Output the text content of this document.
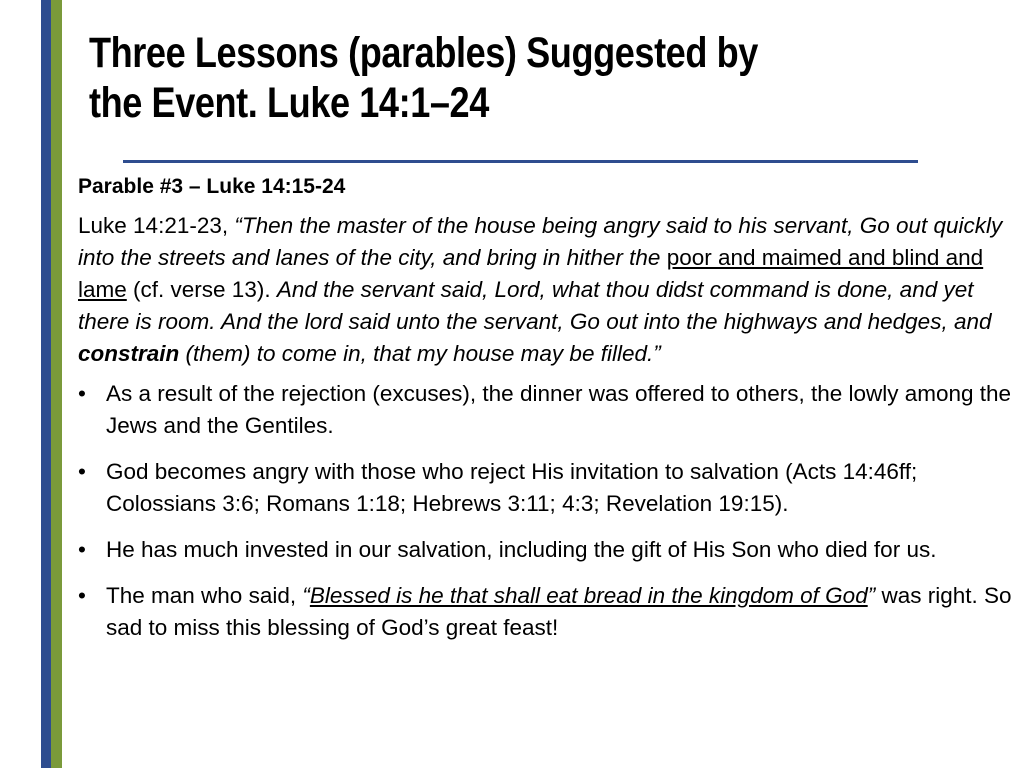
Three Lessons (parables) Suggested by
the Event. Luke 14:1–24

Parable #3 – Luke 14:15-24

Luke 14:21-23, “Then the master of the house being angry said to his servant, Go out quickly into the streets and lanes of the city, and bring in hither the poor and maimed and blind and lame (cf. verse 13). And the servant said, Lord, what thou didst command is done, and yet there is room. And the lord said unto the servant, Go out into the highways and hedges, and constrain (them) to come in, that my house may be filled.”

• As a result of the rejection (excuses), the dinner was offered to others, the lowly among the Jews and the Gentiles.
• God becomes angry with those who reject His invitation to salvation (Acts 14:46ff; Colossians 3:6; Romans 1:18; Hebrews 3:11; 4:3; Revelation 19:15).
• He has much invested in our salvation, including the gift of His Son who died for us.
• The man who said, “Blessed is he that shall eat bread in the kingdom of God” was right. So sad to miss this blessing of God’s great feast!
